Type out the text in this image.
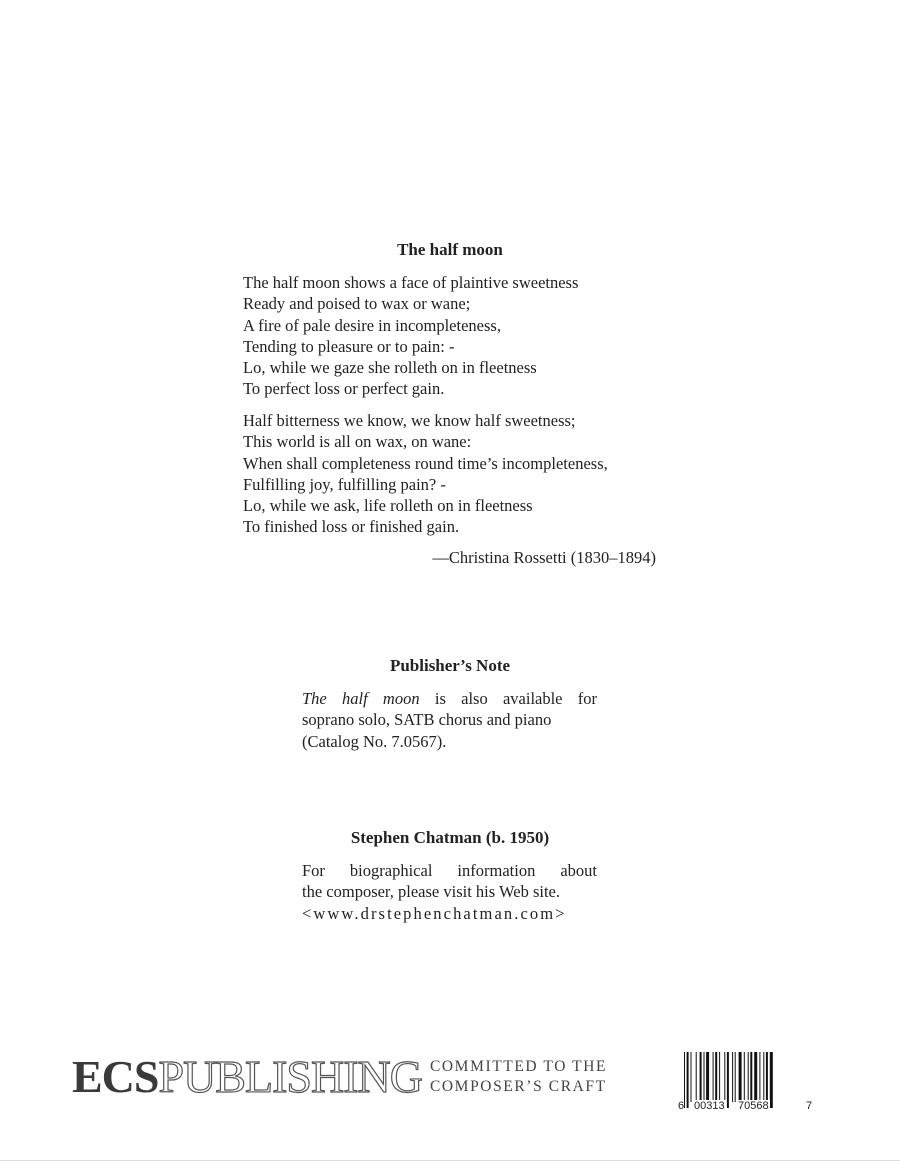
The half moon
The half moon shows a face of plaintive sweetness
Ready and poised to wax or wane;
A fire of pale desire in incompleteness,
Tending to pleasure or to pain: -
Lo, while we gaze she rolleth on in fleetness
To perfect loss or perfect gain.
Half bitterness we know, we know half sweetness;
This world is all on wax, on wane:
When shall completeness round time’s incompleteness,
Fulfilling joy, fulfilling pain? -
Lo, while we ask, life rolleth on in fleetness
To finished loss or finished gain.
—Christina Rossetti (1830–1894)
Publisher’s Note
The half moon is also available for
soprano solo, SATB chorus and piano
(Catalog No. 7.0567).
Stephen Chatman (b. 1950)
For biographical information about
the composer, please visit his Web site.
<www.drstephenchatman.com>
ECS PUBLISHING COMMITTED TO THE
COMPOSER’S CRAFT
6 00313 70568	7
